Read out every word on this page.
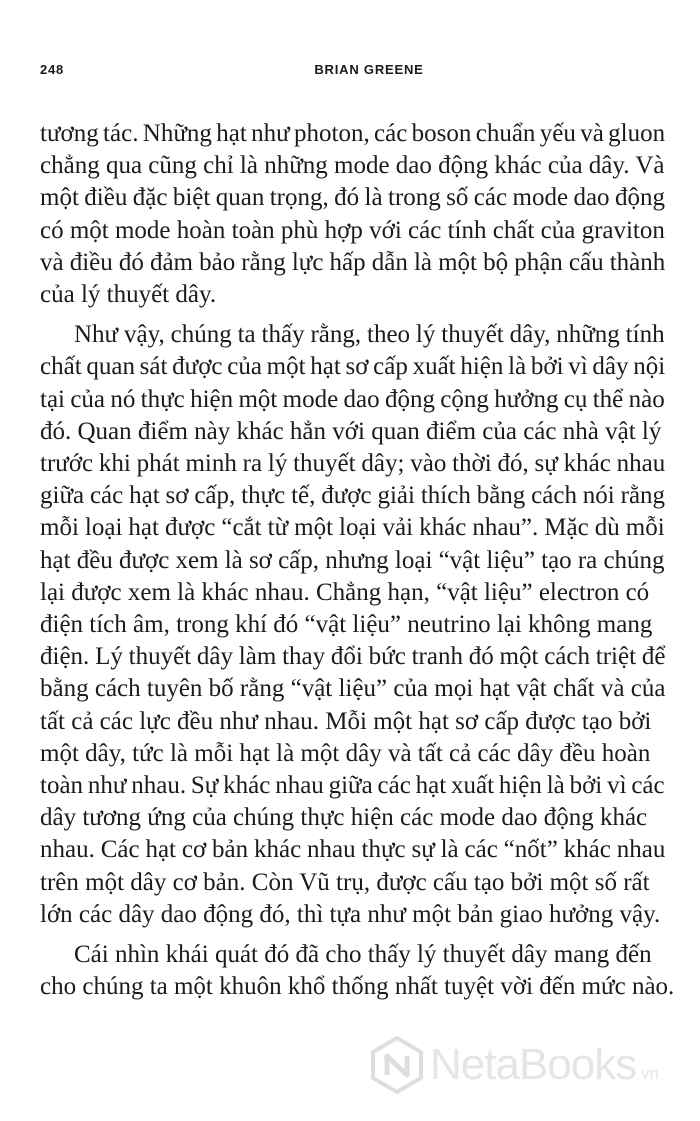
248	BRIAN GREENE

tương tác. Những hạt như photon, các boson chuẩn yếu và gluon
chẳng qua cũng chỉ là những mode dao động khác của dây. Và
một điều đặc biệt quan trọng, đó là trong số các mode dao động
có một mode hoàn toàn phù hợp với các tính chất của graviton
và điều đó đảm bảo rằng lực hấp dẫn là một bộ phận cấu thành
của lý thuyết dây.

Như vậy, chúng ta thấy rằng, theo lý thuyết dây, những tính
chất quan sát được của một hạt sơ cấp xuất hiện là bởi vì dây nội
tại của nó thực hiện một mode dao động cộng hưởng cụ thể nào
đó. Quan điểm này khác hẳn với quan điểm của các nhà vật lý
trước khi phát minh ra lý thuyết dây; vào thời đó, sự khác nhau
giữa các hạt sơ cấp, thực tế, được giải thích bằng cách nói rằng
mỗi loại hạt được “cắt từ một loại vải khác nhau”. Mặc dù mỗi
hạt đều được xem là sơ cấp, nhưng loại “vật liệu” tạo ra chúng
lại được xem là khác nhau. Chẳng hạn, “vật liệu” electron có
điện tích âm, trong khí đó “vật liệu” neutrino lại không mang
điện. Lý thuyết dây làm thay đổi bức tranh đó một cách triệt để
bằng cách tuyên bố rằng “vật liệu” của mọi hạt vật chất và của
tất cả các lực đều như nhau. Mỗi một hạt sơ cấp được tạo bởi
một dây, tức là mỗi hạt là một dây và tất cả các dây đều hoàn
toàn như nhau. Sự khác nhau giữa các hạt xuất hiện là bởi vì các
dây tương ứng của chúng thực hiện các mode dao động khác
nhau. Các hạt cơ bản khác nhau thực sự là các “nốt” khác nhau
trên một dây cơ bản. Còn Vũ trụ, được cấu tạo bởi một số rất
lớn các dây dao động đó, thì tựa như một bản giao hưởng vậy.

Cái nhìn khái quát đó đã cho thấy lý thuyết dây mang đến
cho chúng ta một khuôn khổ thống nhất tuyệt vời đến mức nào.

NetaBooks.vn
